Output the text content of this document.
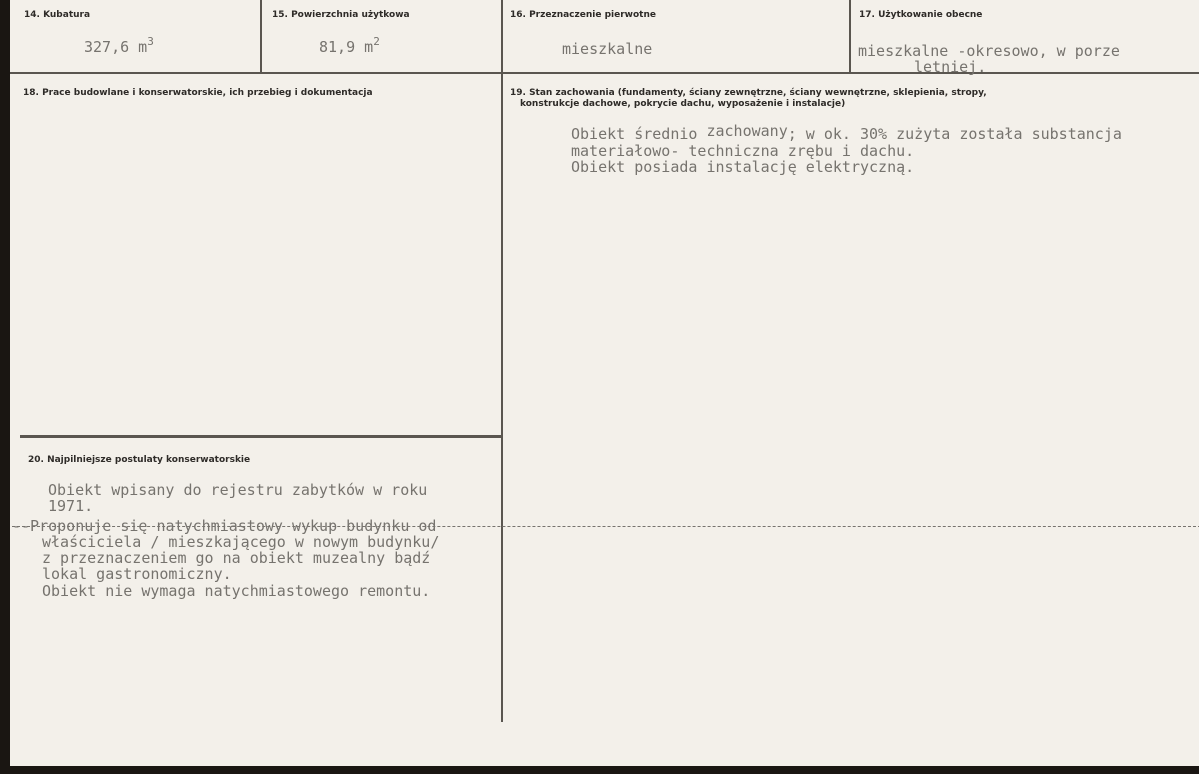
14. Kubatura
327,6 $m^3$
15. Powierzchnia użytkowa
81,9 $m^2$
16. Przeznaczenie pierwotne
mieszkalne
17. Użytkowanie obecne
mieszkalne -okresowo, w porze
letniej.
18. Prace budowlane i konserwatorskie, ich przebieg i dokumentacja	19. Stan zachowania (fundamenty, ściany zewnętrzne, ściany wewnętrzne, sklepienia, stropy,
konstrukcje dachowe, pokrycie dachu, wyposażenie i instalacje)
Obiekt średnio zachowany; w ok. 30% zużyta została substancja
materiałowo- techniczna zrębu i dachu.
Obiekt posiada instalację elektryczną.
20. Najpilniejsze postulaty konserwatorskie
Obiekt wpisany do rejestru zabytków w roku
1971.
--Proponuje się natychmiastowy wykup budynku od
właściciela / mieszkającego w nowym budynku/
z przeznaczeniem go na obiekt muzealny bądź
lokal gastronomiczny.
Obiekt nie wymaga natychmiastowego remontu.
